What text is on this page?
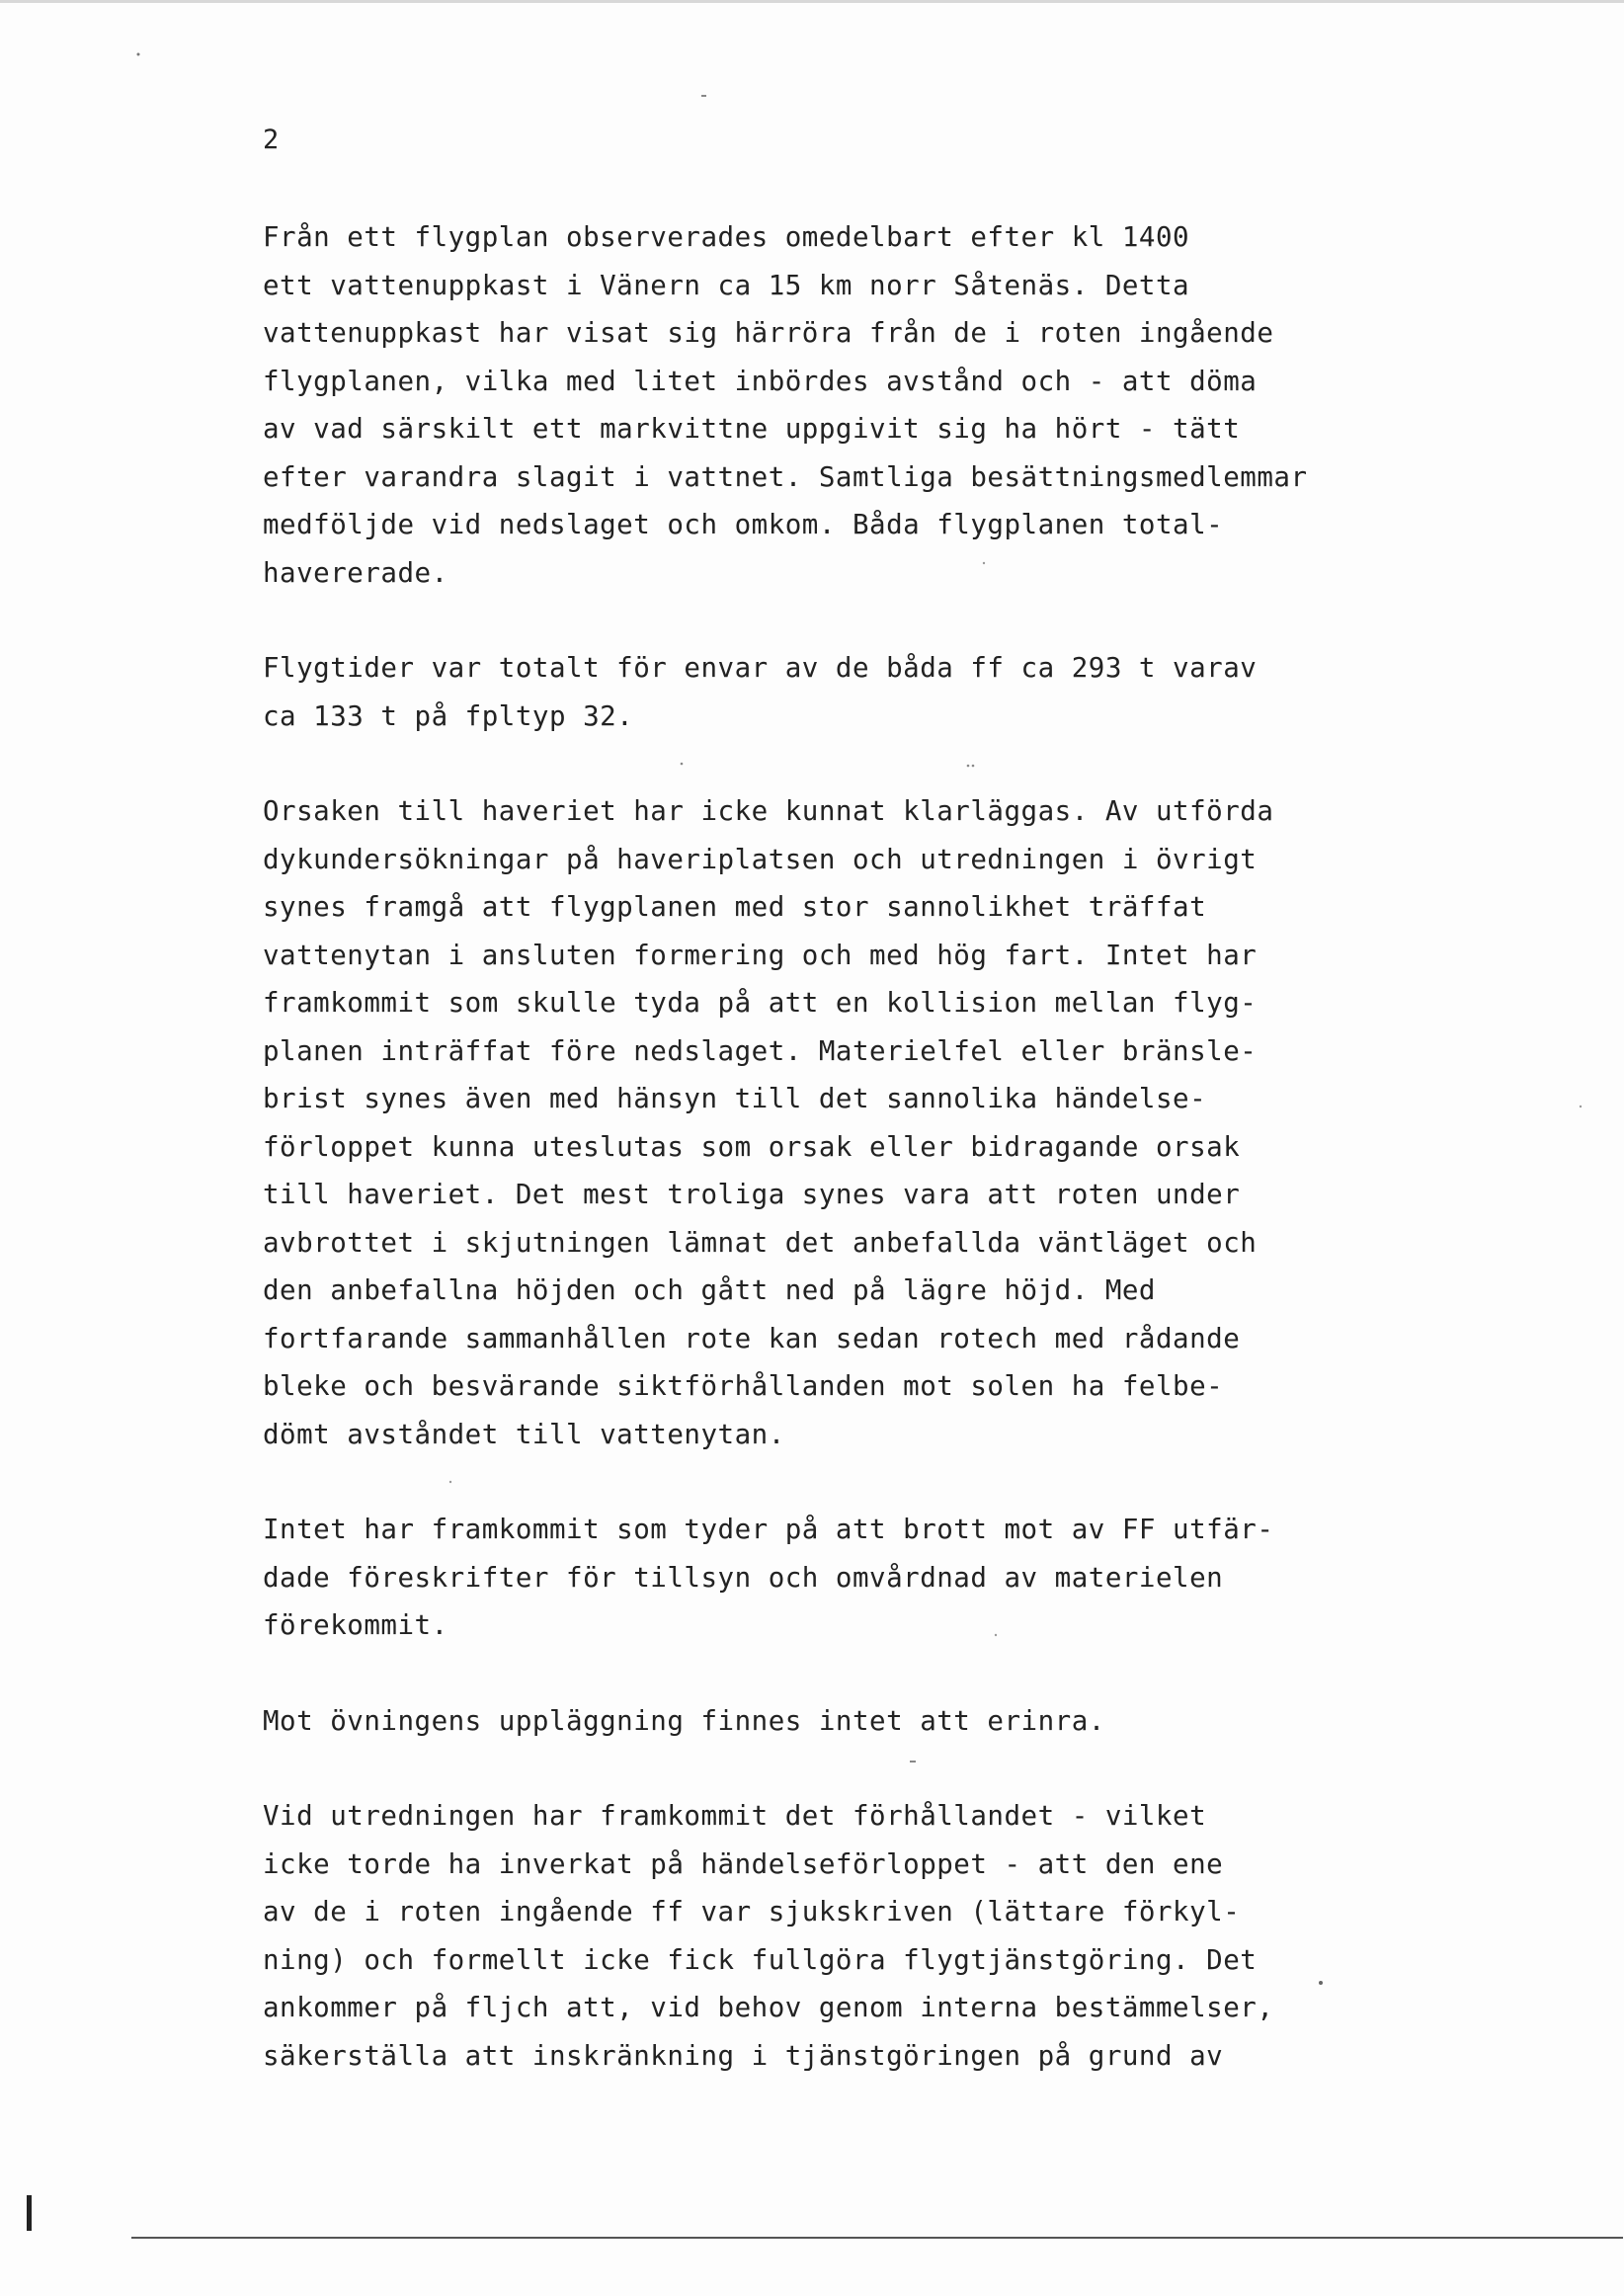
2

Från ett flygplan observerades omedelbart efter kl 1400
ett vattenuppkast i Vänern ca 15 km norr Såtenäs. Detta
vattenuppkast har visat sig härröra från de i roten ingående
flygplanen, vilka med litet inbördes avstånd och - att döma
av vad särskilt ett markvittne uppgivit sig ha hört - tätt
efter varandra slagit i vattnet. Samtliga besättningsmedlemmar
medföljde vid nedslaget och omkom. Båda flygplanen total-
havererade.

Flygtider var totalt för envar av de båda ff ca 293 t varav
ca 133 t på fpltyp 32.

Orsaken till haveriet har icke kunnat klarläggas. Av utförda
dykundersökningar på haveriplatsen och utredningen i övrigt
synes framgå att flygplanen med stor sannolikhet träffat
vattenytan i ansluten formering och med hög fart. Intet har
framkommit som skulle tyda på att en kollision mellan flyg-
planen inträffat före nedslaget. Materielfel eller bränsle-
brist synes även med hänsyn till det sannolika händelse-
förloppet kunna uteslutas som orsak eller bidragande orsak
till haveriet. Det mest troliga synes vara att roten under
avbrottet i skjutningen lämnat det anbefallda väntläget och
den anbefallna höjden och gått ned på lägre höjd. Med
fortfarande sammanhållen rote kan sedan rotech med rådande
bleke och besvärande siktförhållanden mot solen ha felbe-
dömt avståndet till vattenytan.

Intet har framkommit som tyder på att brott mot av FF utfär-
dade föreskrifter för tillsyn och omvårdnad av materielen
förekommit.

Mot övningens uppläggning finnes intet att erinra.

Vid utredningen har framkommit det förhållandet - vilket
icke torde ha inverkat på händelseförloppet - att den ene
av de i roten ingående ff var sjukskriven (lättare förkyl-
ning) och formellt icke fick fullgöra flygtjänstgöring. Det
ankommer på fljch att, vid behov genom interna bestämmelser,
säkerställa att inskränkning i tjänstgöringen på grund av
